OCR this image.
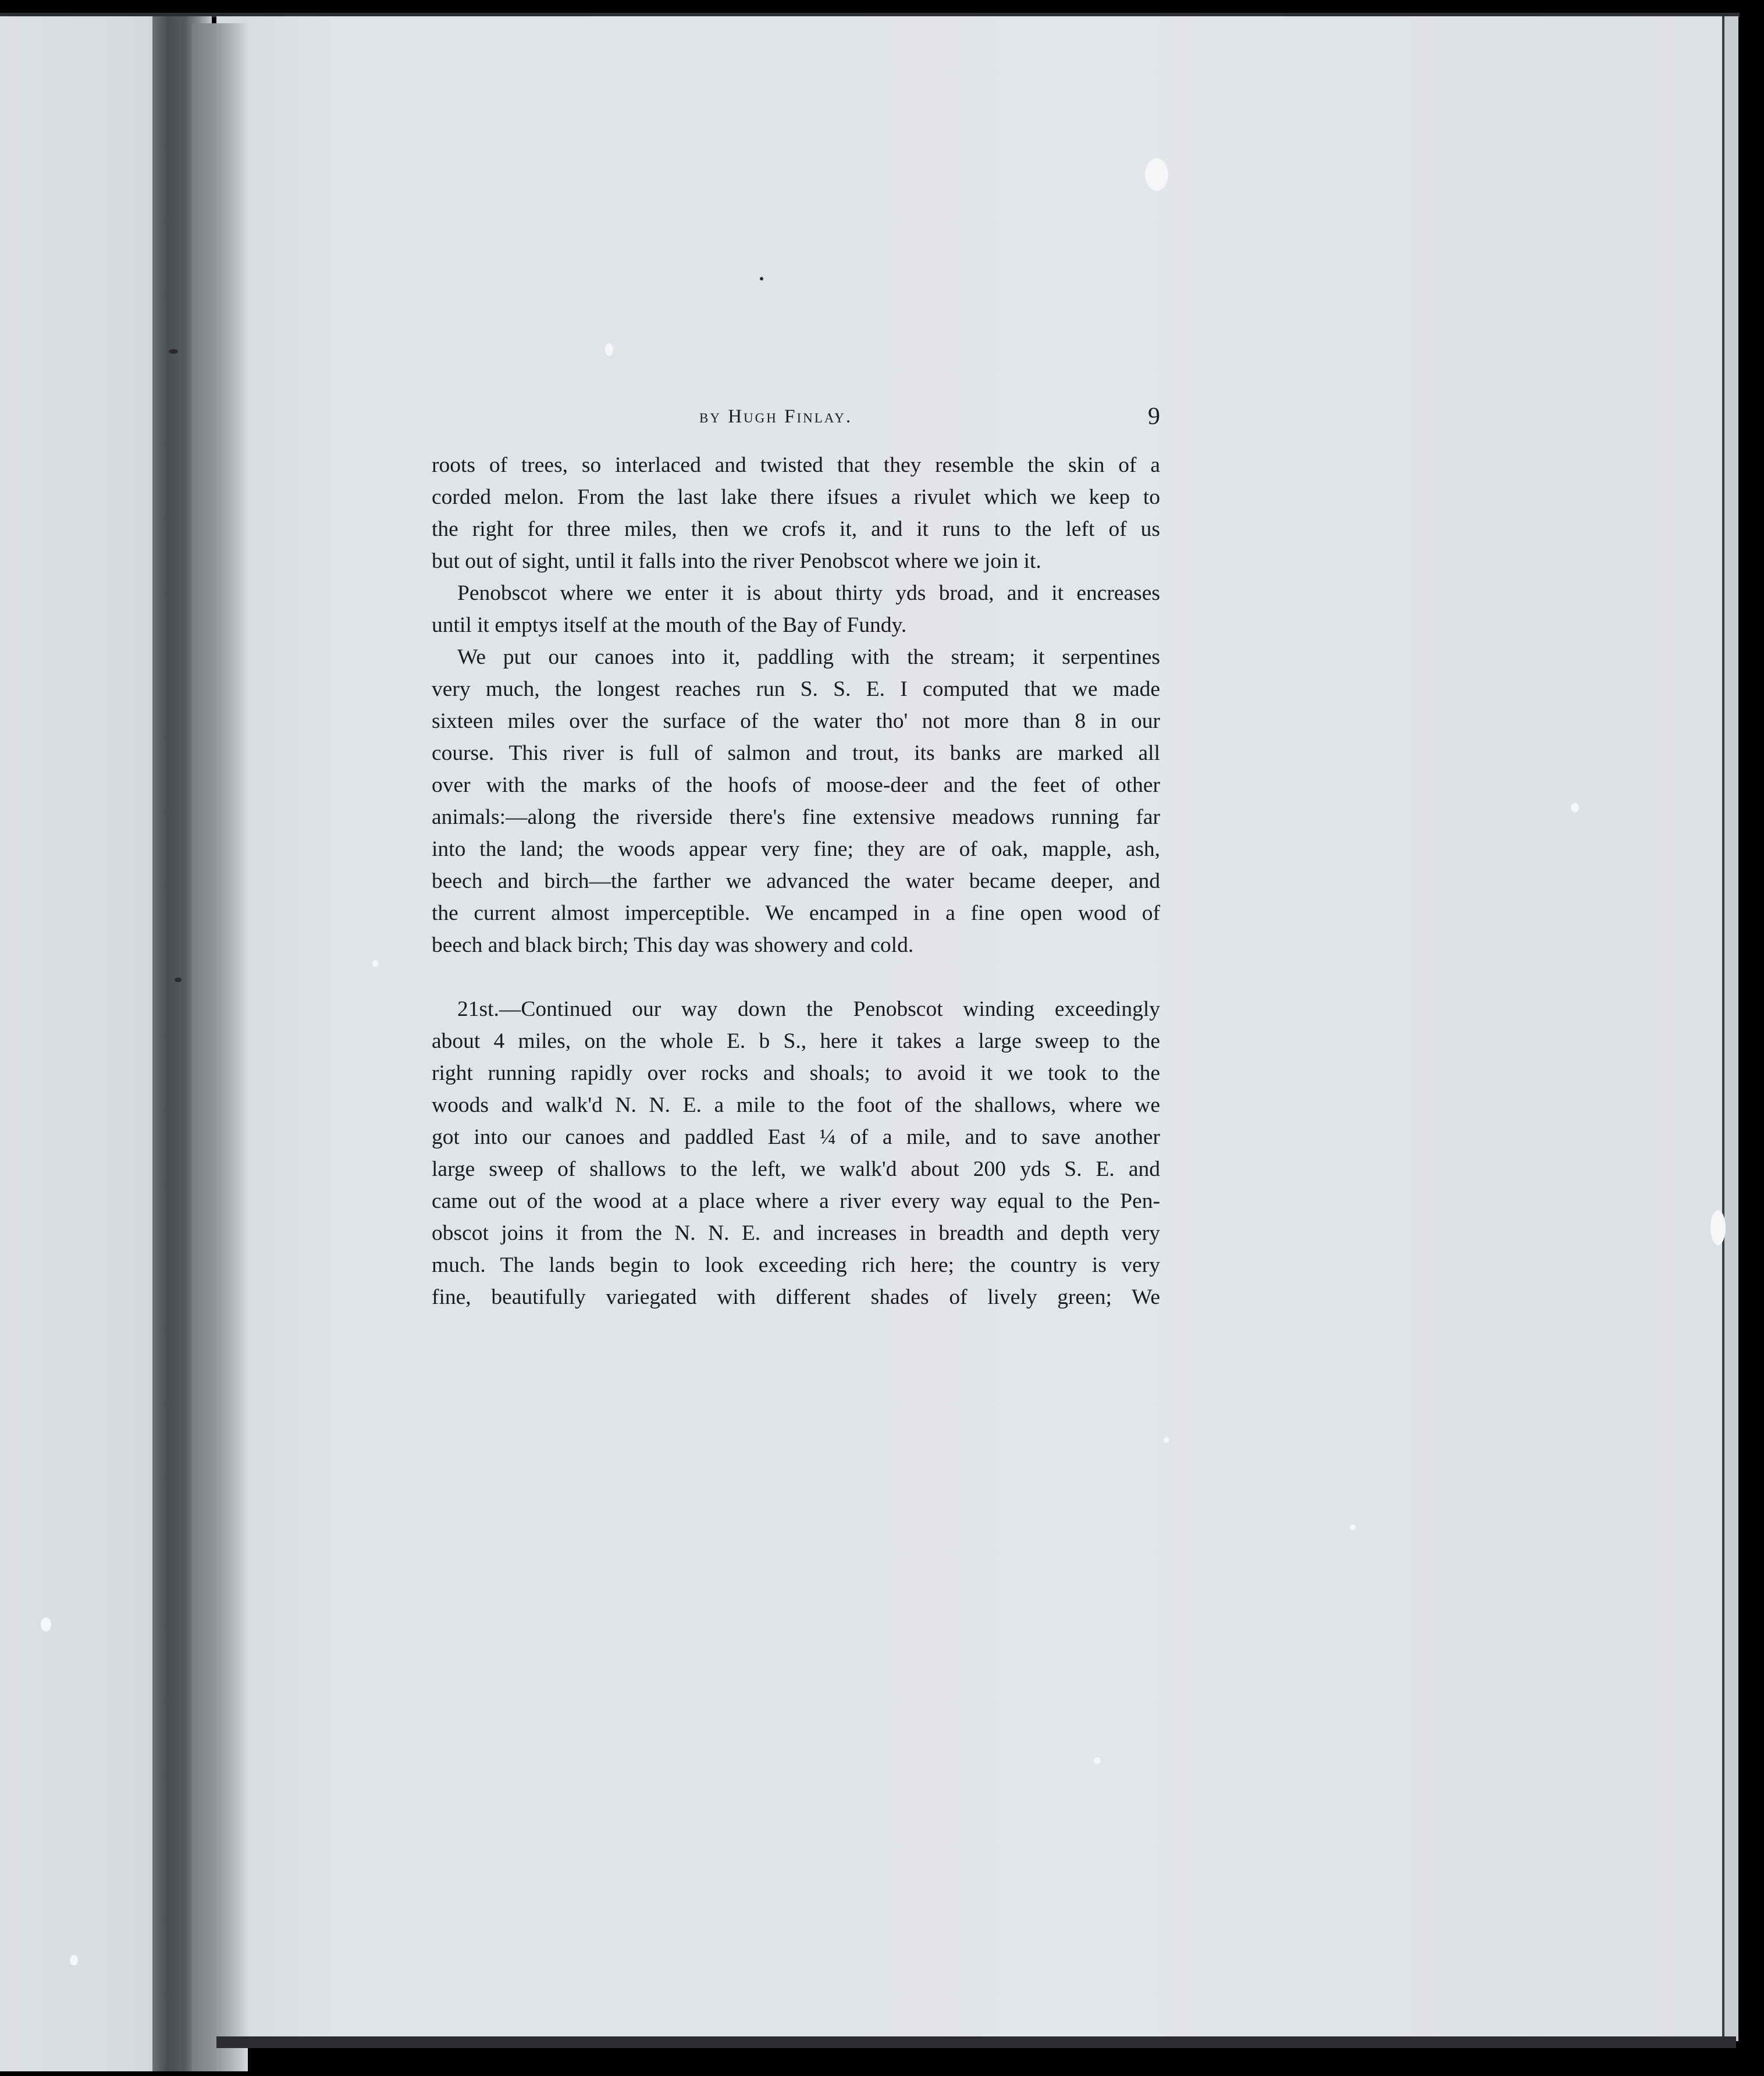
by Hugh Finlay.	9
roots of trees, so interlaced and twisted that they resemble the skin of a
corded melon. From the last lake there ifsues a rivulet which we keep to
the right for three miles, then we crofs it, and it runs to the left of us
but out of sight, until it falls into the river Penobscot where we join it.
Penobscot where we enter it is about thirty yds broad, and it encreases
until it emptys itself at the mouth of the Bay of Fundy.
We put our canoes into it, paddling with the stream; it serpentines
very much, the longest reaches run S. S. E. I computed that we made
sixteen miles over the surface of the water tho' not more than 8 in our
course. This river is full of salmon and trout, its banks are marked all
over with the marks of the hoofs of moose-deer and the feet of other
animals:—along the riverside there's fine extensive meadows running far
into the land; the woods appear very fine; they are of oak, mapple, ash,
beech and birch—the farther we advanced the water became deeper, and
the current almost imperceptible. We encamped in a fine open wood of
beech and black birch; This day was showery and cold.
21st.—Continued our way down the Penobscot winding exceedingly
about 4 miles, on the whole E. b S., here it takes a large sweep to the
right running rapidly over rocks and shoals; to avoid it we took to the
woods and walk'd N. N. E. a mile to the foot of the shallows, where we
got into our canoes and paddled East ¼ of a mile, and to save another
large sweep of shallows to the left, we walk'd about 200 yds S. E. and
came out of the wood at a place where a river every way equal to the Pen-
obscot joins it from the N. N. E. and increases in breadth and depth very
much. The lands begin to look exceeding rich here; the country is very
fine, beautifully variegated with different shades of lively green; We
